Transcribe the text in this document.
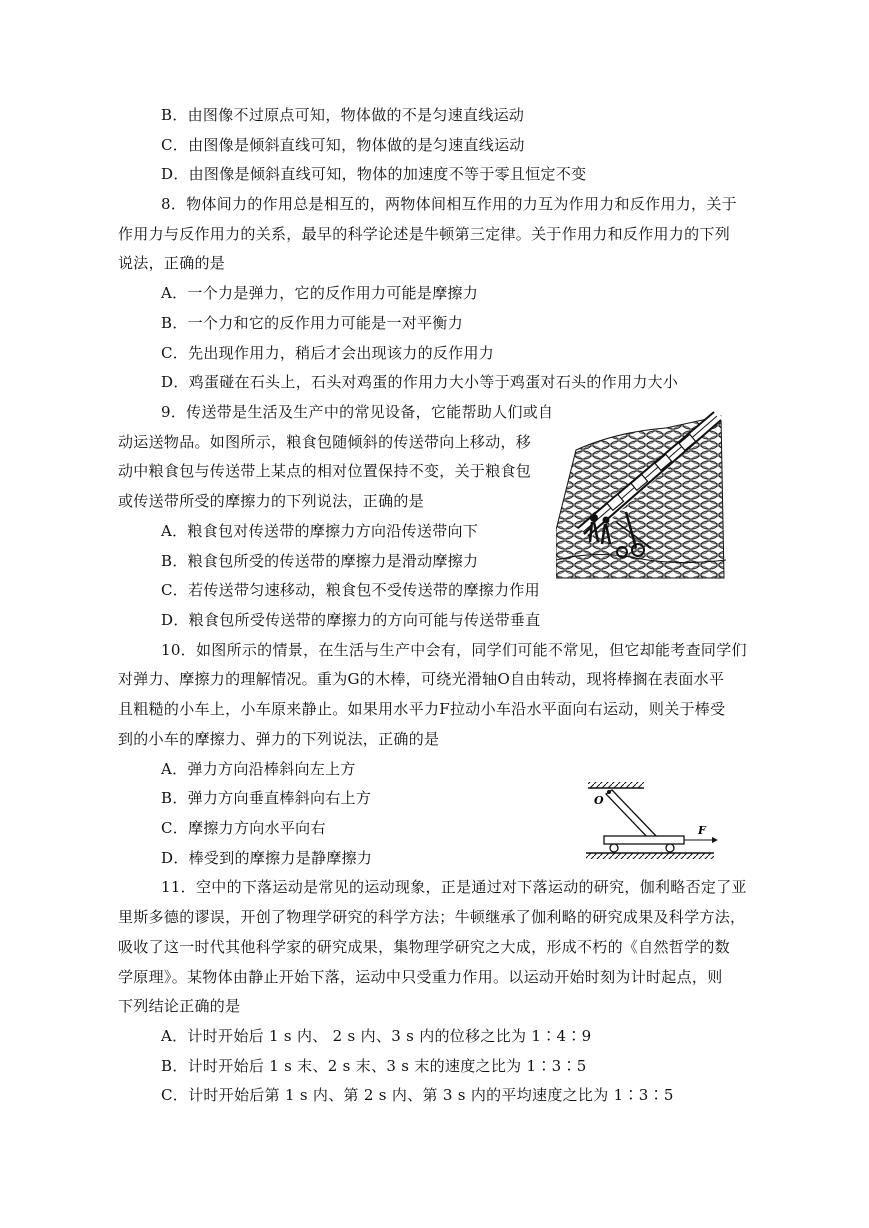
B．由图像不过原点可知，物体做的不是匀速直线运动
C．由图像是倾斜直线可知，物体做的是匀速直线运动
D．由图像是倾斜直线可知，物体的加速度不等于零且恒定不变
8．物体间力的作用总是相互的，两物体间相互作用的力互为作用力和反作用力，关于
作用力与反作用力的关系，最早的科学论述是牛顿第三定律。关于作用力和反作用力的下列
说法，正确的是
A．一个力是弹力，它的反作用力可能是摩擦力
B．一个力和它的反作用力可能是一对平衡力
C．先出现作用力，稍后才会出现该力的反作用力
D．鸡蛋碰在石头上，石头对鸡蛋的作用力大小等于鸡蛋对石头的作用力大小
9．传送带是生活及生产中的常见设备，它能帮助人们或自
动运送物品。如图所示，粮食包随倾斜的传送带向上移动，移
动中粮食包与传送带上某点的相对位置保持不变，关于粮食包
或传送带所受的摩擦力的下列说法，正确的是
A．粮食包对传送带的摩擦力方向沿传送带向下
B．粮食包所受的传送带的摩擦力是滑动摩擦力
C．若传送带匀速移动，粮食包不受传送带的摩擦力作用
D．粮食包所受传送带的摩擦力的方向可能与传送带垂直
10．如图所示的情景，在生活与生产中会有，同学们可能不常见，但它却能考查同学们
对弹力、摩擦力的理解情况。重为G的木棒，可绕光滑轴O自由转动，现将棒搁在表面水平
且粗糙的小车上，小车原来静止。如果用水平力F拉动小车沿水平面向右运动，则关于棒受
到的小车的摩擦力、弹力的下列说法，正确的是
A．弹力方向沿棒斜向左上方
B．弹力方向垂直棒斜向右上方
C．摩擦力方向水平向右
D．棒受到的摩擦力是静摩擦力
11．空中的下落运动是常见的运动现象，正是通过对下落运动的研究，伽利略否定了亚
里斯多德的谬误，开创了物理学研究的科学方法；牛顿继承了伽利略的研究成果及科学方法，
吸收了这一时代其他科学家的研究成果，集物理学研究之大成，形成不朽的《自然哲学的数
学原理》。某物体由静止开始下落，运动中只受重力作用。以运动开始时刻为计时起点，则
下列结论正确的是
A．计时开始后 1 s 内、 2 s 内、3 s 内的位移之比为 1∶4∶9
B．计时开始后 1 s 末、2 s 末、3 s 末的速度之比为 1∶3∶5
C．计时开始后第 1 s 内、第 2 s 内、第 3 s 内的平均速度之比为 1∶3∶5
O
F
